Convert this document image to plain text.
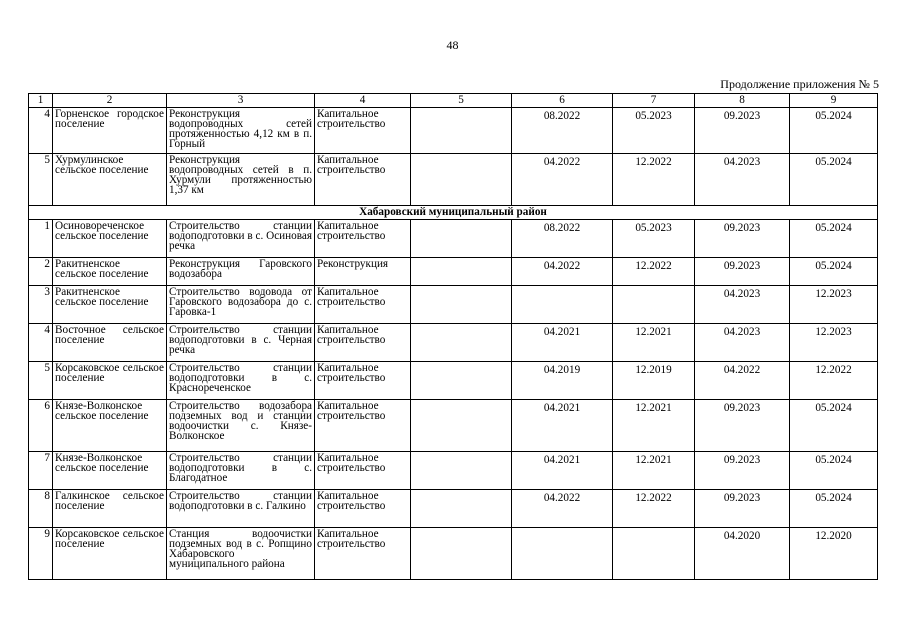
48
Продолжение приложения № 5
1	2	3	4	5	6	7	8	9
4	Горненское городское поселение	Реконструкция водопроводных сетей протяженностью 4,12 км в п. Горный	Капитальное строительство		08.2022	05.2023	09.2023	05.2024
5	Хурмулинское сельское поселение	Реконструкция водопроводных сетей в п. Хурмули протяженностью 1,37 км	Капитальное строительство		04.2022	12.2022	04.2023	05.2024
Хабаровский муниципальный район								
1	Осиноворeченское сельское поселение	Строительство станции водоподготовки в с. Осиновая речка	Капитальное строительство		08.2022	05.2023	09.2023	05.2024
2	Ракитненское сельское поселение	Реконструкция Гаровского водозабора	Реконструкция		04.2022	12.2022	09.2023	05.2024
3	Ракитненское сельское поселение	Строительство водовода от Гаровского водозабора до с. Гаровка-1	Капитальное строительство				04.2023	12.2023
4	Восточное сельское поселение	Строительство станции водоподготовки в с. Черная речка	Капитальное строительство		04.2021	12.2021	04.2023	12.2023
5	Корсаковское сельское поселение	Строительство станции водоподготовки в с. Краснореченское	Капитальное строительство		04.2019	12.2019	04.2022	12.2022
6	Князе-Волконское сельское поселение	Строительство водозабора подземных вод и станции водоочистки с. Князе-Волконское	Капитальное строительство		04.2021	12.2021	09.2023	05.2024
7	Князе-Волконское сельское поселение	Строительство станции водоподготовки в с. Благодатное	Капитальное строительство		04.2021	12.2021	09.2023	05.2024
8	Галкинское сельское поселение	Строительство станции водоподготовки в с. Галкино	Капитальное строительство		04.2022	12.2022	09.2023	05.2024
9	Корсаковское сельское поселение	Станция водоочистки подземных вод в с. Ропщино Хабаровского муниципального района	Капитальное строительство				04.2020	12.2020
